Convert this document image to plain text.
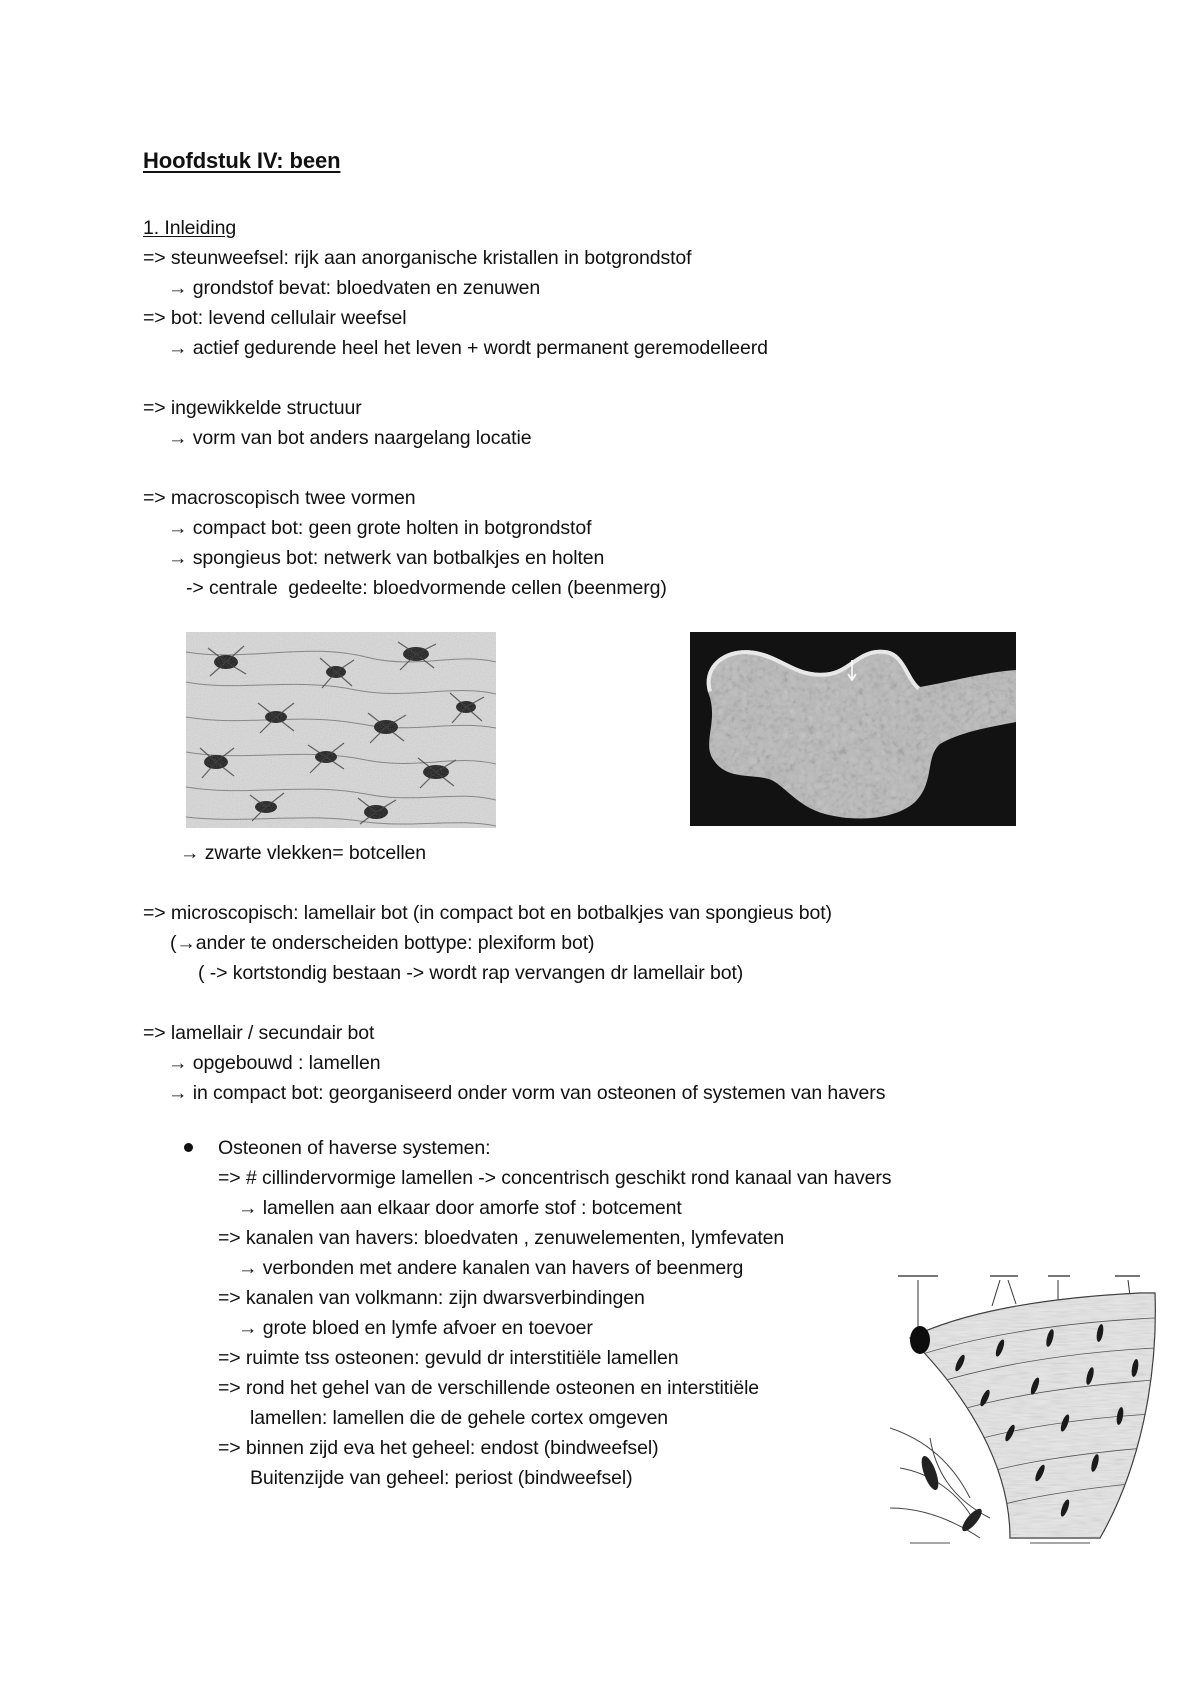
Hoofdstuk IV: been
1. Inleiding
=> steunweefsel: rijk aan anorganische kristallen in botgrondstof
→ grondstof bevat: bloedvaten en zenuwen
=> bot: levend cellulair weefsel
→ actief gedurende heel het leven + wordt permanent geremodelleerd
=> ingewikkelde structuur
→ vorm van bot anders naargelang locatie
=> macroscopisch twee vormen
→ compact bot: geen grote holten in botgrondstof
→ spongieus bot: netwerk van botbalkjes en holten
-> centrale  gedeelte: bloedvormende cellen (beenmerg)
→ zwarte vlekken= botcellen
=> microscopisch: lamellair bot (in compact bot en botbalkjes van spongieus bot)
(→ander te onderscheiden bottype: plexiform bot)
( -> kortstondig bestaan -> wordt rap vervangen dr lamellair bot)
=> lamellair / secundair bot
→ opgebouwd : lamellen
→ in compact bot: georganiseerd onder vorm van osteonen of systemen van havers
Osteonen of haverse systemen:
=> # cillindervormige lamellen -> concentrisch geschikt rond kanaal van havers
→ lamellen aan elkaar door amorfe stof : botcement
=> kanalen van havers: bloedvaten , zenuwelementen, lymfevaten
→ verbonden met andere kanalen van havers of beenmerg
=> kanalen van volkmann: zijn dwarsverbindingen
→ grote bloed en lymfe afvoer en toevoer
=> ruimte tss osteonen: gevuld dr interstitiële lamellen
=> rond het gehel van de verschillende osteonen en interstitiële
lamellen: lamellen die de gehele cortex omgeven
=> binnen zijd eva het geheel: endost (bindweefsel)
Buitenzijde van geheel: periost (bindweefsel)
